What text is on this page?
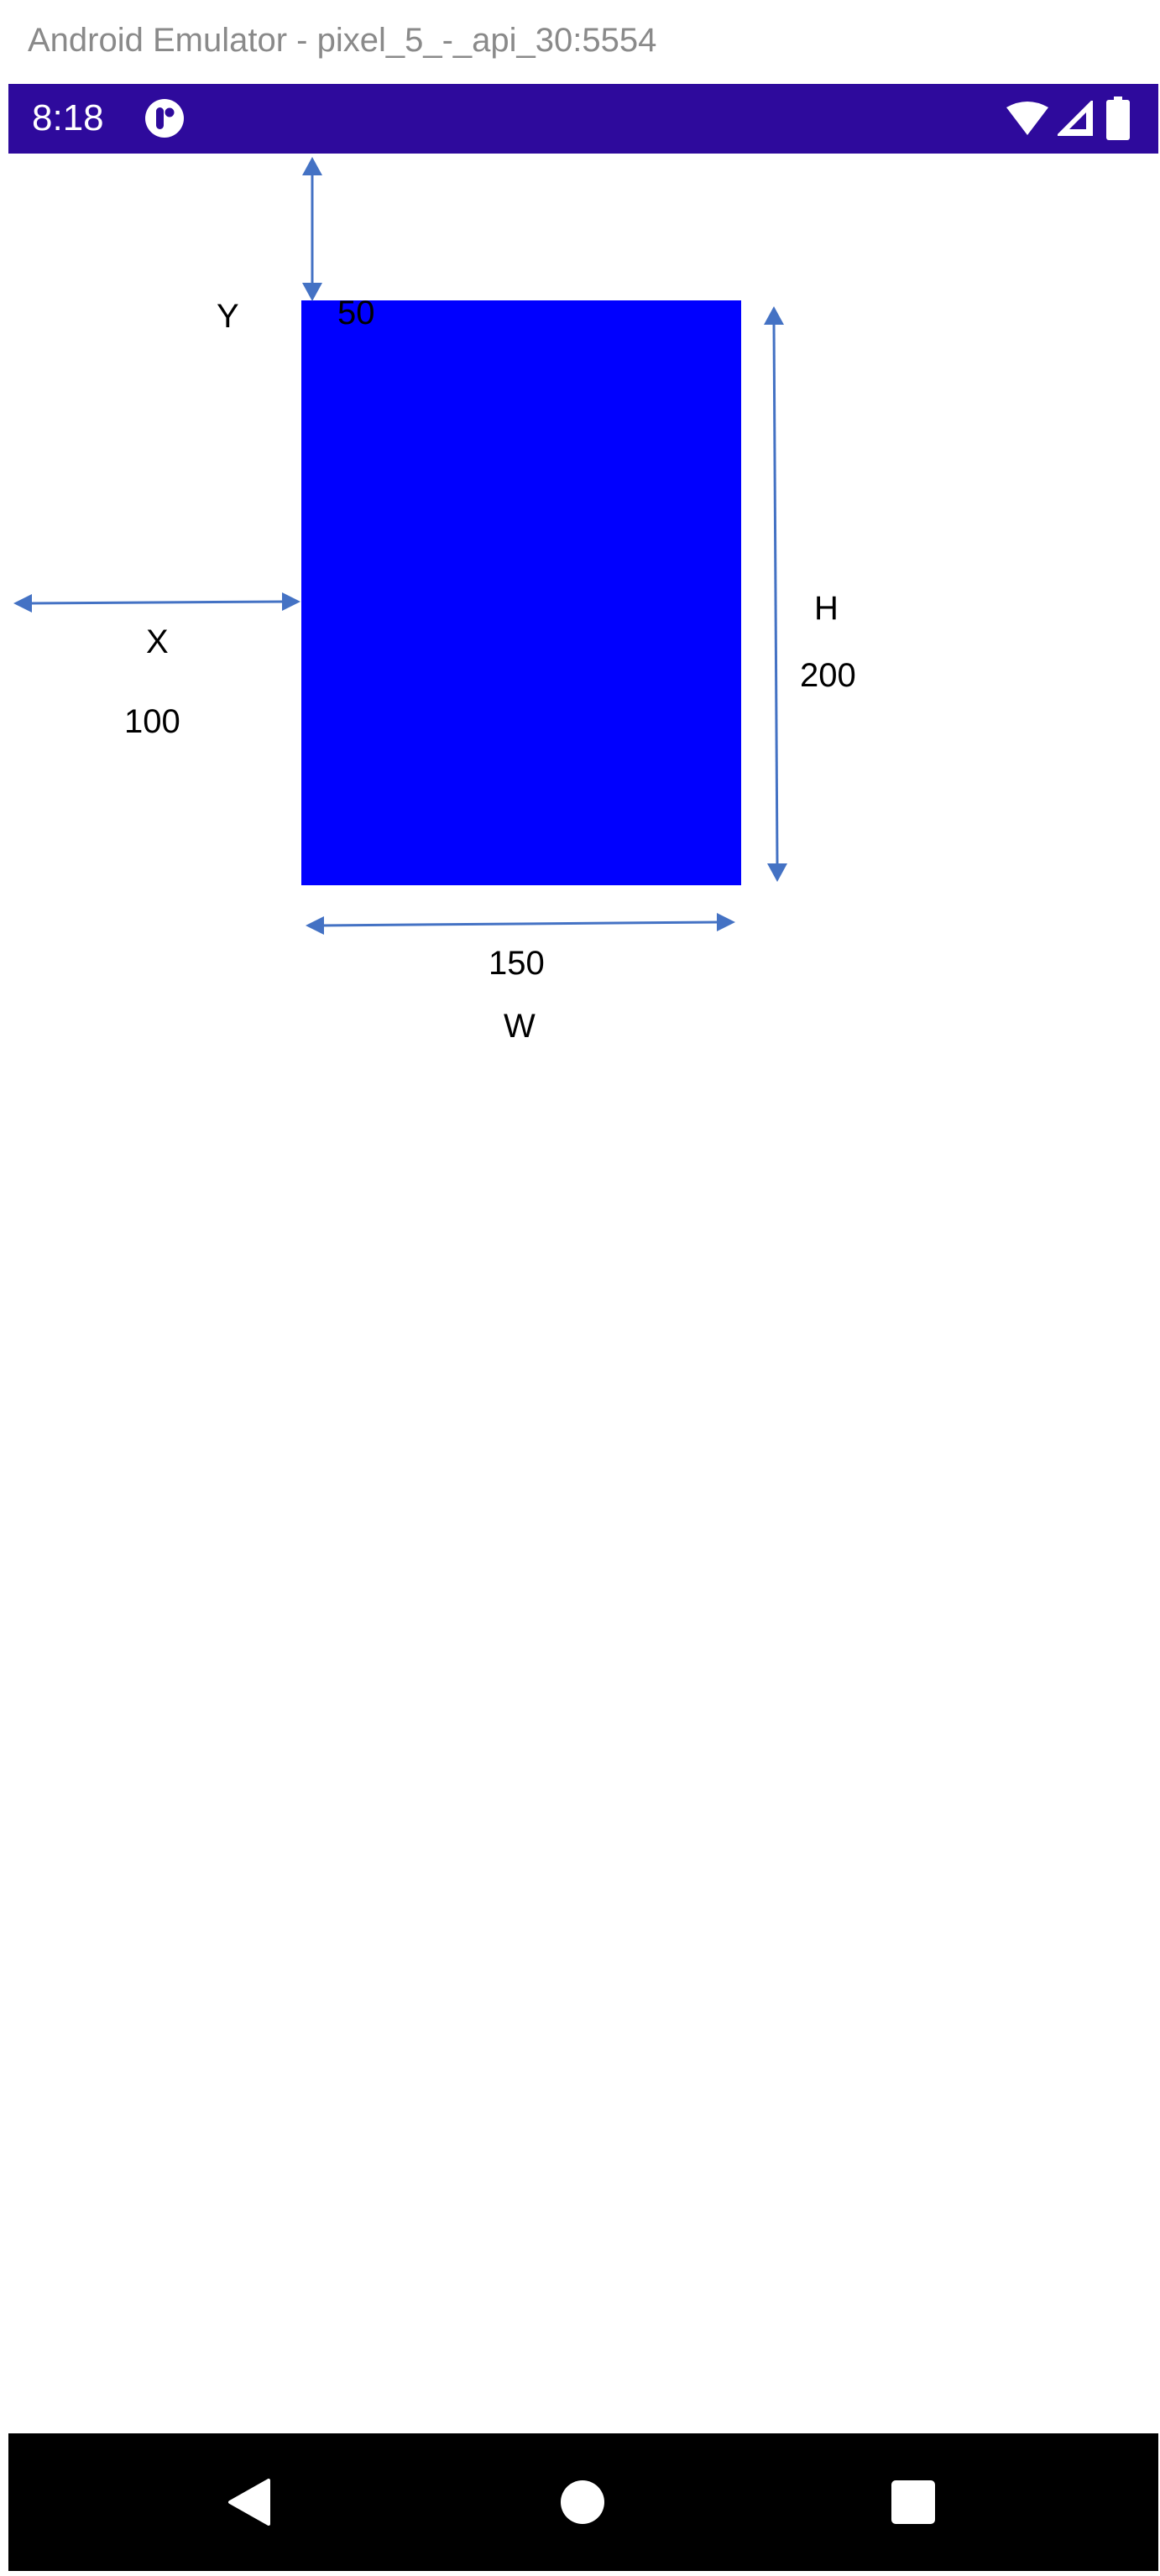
Android Emulator - pixel_5_-_api_30:5554
8:18
Y	50
X
100
H
200
150
W
